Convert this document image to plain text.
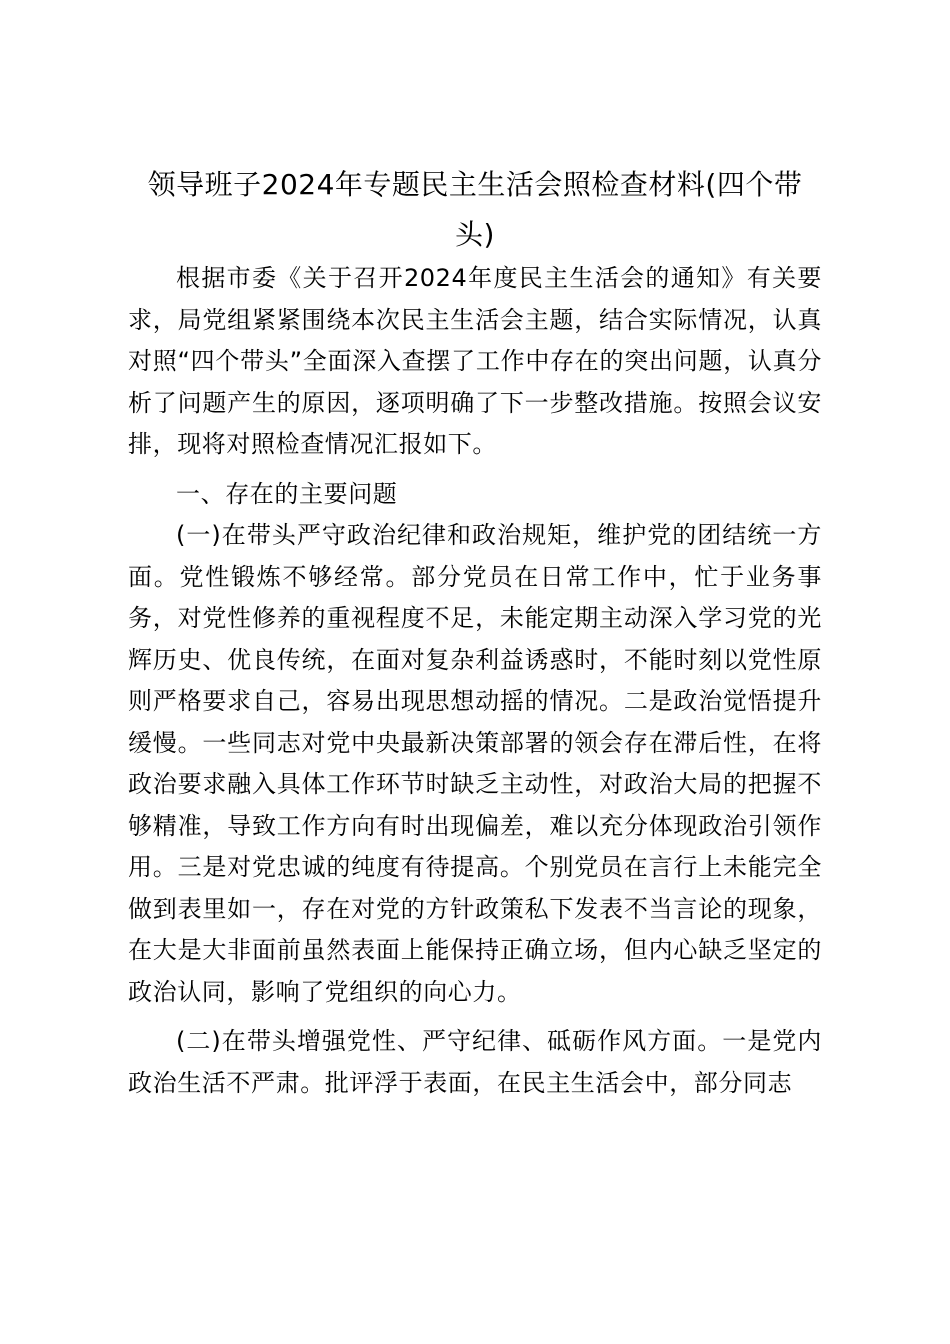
领导班子2024年专题民主生活会照检查材料(四个带头)

根据市委《关于召开2024年度民主生活会的通知》有关要求，局党组紧紧围绕本次民主生活会主题，结合实际情况，认真对照“四个带头”全面深入查摆了工作中存在的突出问题，认真分析了问题产生的原因，逐项明确了下一步整改措施。按照会议安排，现将对照检查情况汇报如下。

一、存在的主要问题

(一)在带头严守政治纪律和政治规矩，维护党的团结统一方面。党性锻炼不够经常。部分党员在日常工作中，忙于业务事务，对党性修养的重视程度不足，未能定期主动深入学习党的光辉历史、优良传统，在面对复杂利益诱惑时，不能时刻以党性原则严格要求自己，容易出现思想动摇的情况。二是政治觉悟提升缓慢。一些同志对党中央最新决策部署的领会存在滞后性，在将政治要求融入具体工作环节时缺乏主动性，对政治大局的把握不够精准，导致工作方向有时出现偏差，难以充分体现政治引领作用。三是对党忠诚的纯度有待提高。个别党员在言行上未能完全做到表里如一，存在对党的方针政策私下发表不当言论的现象，在大是大非面前虽然表面上能保持正确立场，但内心缺乏坚定的政治认同，影响了党组织的向心力。

(二)在带头增强党性、严守纪律、砥砺作风方面。一是党内政治生活不严肃。批评浮于表面，在民主生活会中，部分同志
